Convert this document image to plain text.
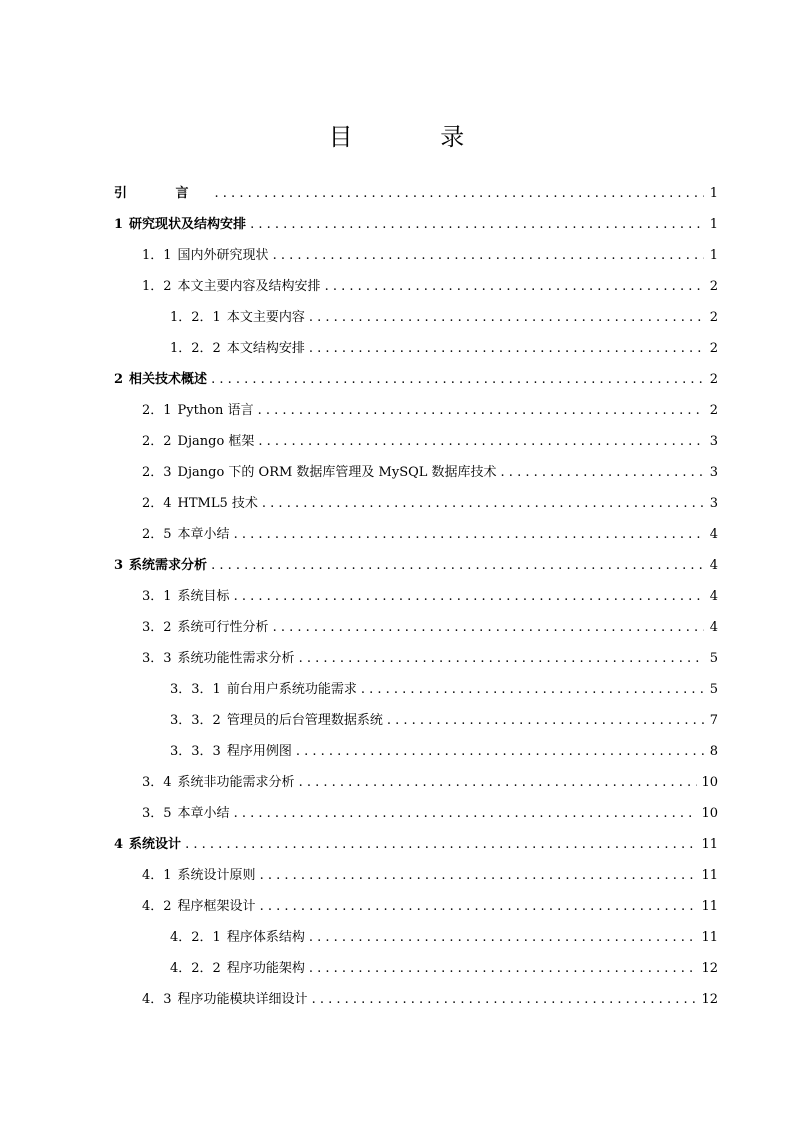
目 录
引 言 . . .	1
1 研究现状及结构安排 . . .	1
1．1 国内外研究现状 . . .	1
1．2 本文主要内容及结构安排 . . .	2
1．2．1 本文主要内容 . . .	2
1．2．2 本文结构安排 . . .	2
2 相关技术概述 . . .	2
2．1 Python 语言 . . .	2
2．2 Django 框架 . . .	3
2．3 Django 下的 ORM 数据库管理及 MySQL 数据库技术 . . .	3
2．4 HTML5 技术 . . .	3
2．5 本章小结 . . .	4
3 系统需求分析 . . .	4
3．1 系统目标 . . .	4
3．2 系统可行性分析 . . .	4
3．3 系统功能性需求分析 . . .	5
3．3．1 前台用户系统功能需求 . . .	5
3．3．2 管理员的后台管理数据系统 . . .	7
3．3．3 程序用例图 . . .	8
3．4 系统非功能需求分析 . . .	10
3．5 本章小结 . . .	10
4 系统设计 . . .	11
4．1 系统设计原则 . . .	11
4．2 程序框架设计 . . .	11
4．2．1 程序体系结构 . . .	11
4．2．2 程序功能架构 . . .	12
4．3 程序功能模块详细设计 . . .	12
